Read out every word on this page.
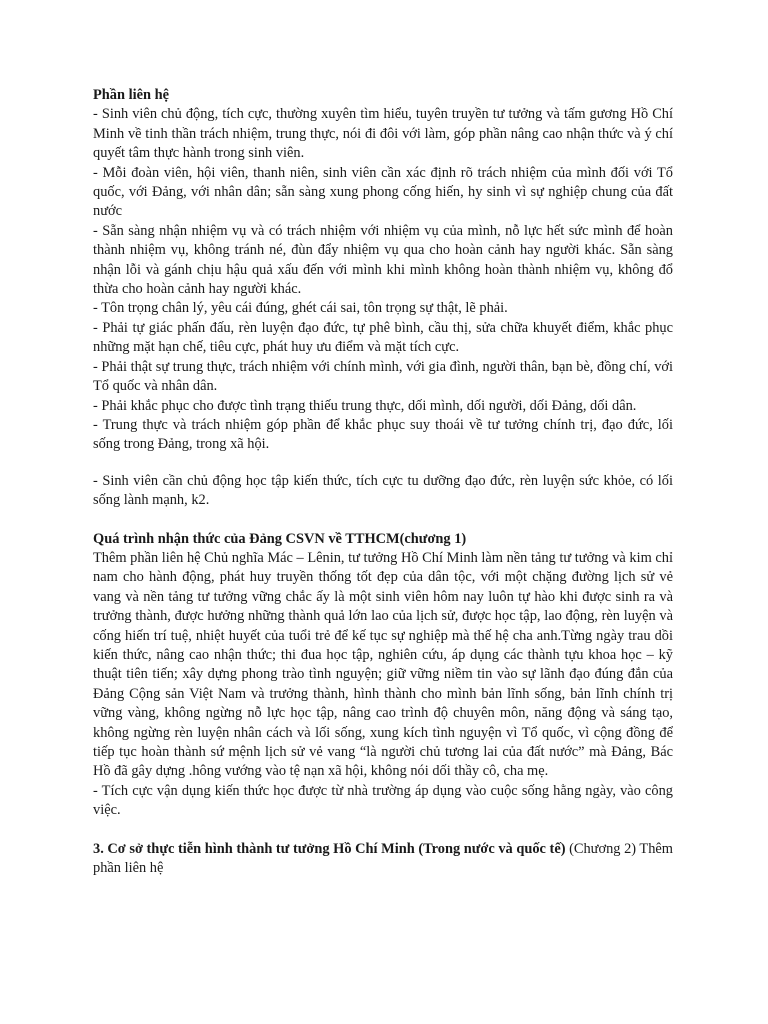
Phần liên hệ

- Sinh viên chủ động, tích cực, thường xuyên tìm hiểu, tuyên truyền tư tưởng và tấm gương Hồ Chí Minh về tinh thần trách nhiệm, trung thực, nói đi đôi với làm, góp phần nâng cao nhận thức và ý chí quyết tâm thực hành trong sinh viên.

- Mỗi đoàn viên, hội viên, thanh niên, sinh viên cần xác định rõ trách nhiệm của mình đối với Tổ quốc, với Đảng, với nhân dân; sẵn sàng xung phong cống hiến, hy sinh vì sự nghiệp chung của đất nước

- Sẵn sàng nhận nhiệm vụ và có trách nhiệm với nhiệm vụ của mình, nỗ lực hết sức mình để hoàn thành nhiệm vụ, không tránh né, đùn đẩy nhiệm vụ qua cho hoàn cảnh hay người khác. Sẵn sàng nhận lỗi và gánh chịu hậu quả xấu đến với mình khi mình không hoàn thành nhiệm vụ, không đổ thừa cho hoàn cảnh hay người khác.

- Tôn trọng chân lý, yêu cái đúng, ghét cái sai, tôn trọng sự thật, lẽ phải.

- Phải tự giác phấn đấu, rèn luyện đạo đức, tự phê bình, cầu thị, sửa chữa khuyết điểm, khắc phục những mặt hạn chế, tiêu cực, phát huy ưu điểm và mặt tích cực.

- Phải thật sự trung thực, trách nhiệm với chính mình, với gia đình, người thân, bạn bè, đồng chí, với Tổ quốc và nhân dân.

- Phải khắc phục cho được tình trạng thiếu trung thực, dối mình, dối người, dối Đảng, dối dân.

- Trung thực và trách nhiệm góp phần để khắc phục suy thoái về tư tưởng chính trị, đạo đức, lối sống trong Đảng, trong xã hội.

- Sinh viên cần chủ động học tập kiến thức, tích cực tu dưỡng đạo đức, rèn luyện sức khỏe, có lối sống lành mạnh, k2.

Quá trình nhận thức của Đảng CSVN về TTHCM(chương 1)

Thêm phần liên hệ Chủ nghĩa Mác – Lênin, tư tưởng Hồ Chí Minh làm nền tảng tư tưởng và kim chỉ nam cho hành động, phát huy truyền thống tốt đẹp của dân tộc, với một chặng đường lịch sử vẻ vang và nền tảng tư tưởng vững chắc ấy là một sinh viên hôm nay luôn tự hào khi được sinh ra và trưởng thành, được hưởng những thành quả lớn lao của lịch sử, được học tập, lao động, rèn luyện và cống hiến trí tuệ, nhiệt huyết của tuổi trẻ để kế tục sự nghiệp mà thế hệ cha anh.Từng ngày trau dồi kiến thức, nâng cao nhận thức; thi đua học tập, nghiên cứu, áp dụng các thành tựu khoa học – kỹ thuật tiên tiến; xây dựng phong trào tình nguyện; giữ vững niềm tin vào sự lãnh đạo đúng đắn của Đảng Cộng sản Việt Nam và trưởng thành, hình thành cho mình bản lĩnh sống, bản lĩnh chính trị vững vàng, không ngừng nỗ lực học tập, nâng cao trình độ chuyên môn, năng động và sáng tạo, không ngừng rèn luyện nhân cách và lối sống, xung kích tình nguyện vì Tổ quốc, vì cộng đồng để tiếp tục hoàn thành sứ mệnh lịch sử vẻ vang “là người chủ tương lai của đất nước” mà Đảng, Bác Hồ đã gây dựng .hông vướng vào tệ nạn xã hội, không nói dối thầy cô, cha mẹ.

- Tích cực vận dụng kiến thức học được từ nhà trường áp dụng vào cuộc sống hằng ngày, vào công việc.

3. Cơ sở thực tiễn hình thành tư tưởng Hồ Chí Minh (Trong nước và quốc tế) (Chương 2) Thêm phần liên hệ
